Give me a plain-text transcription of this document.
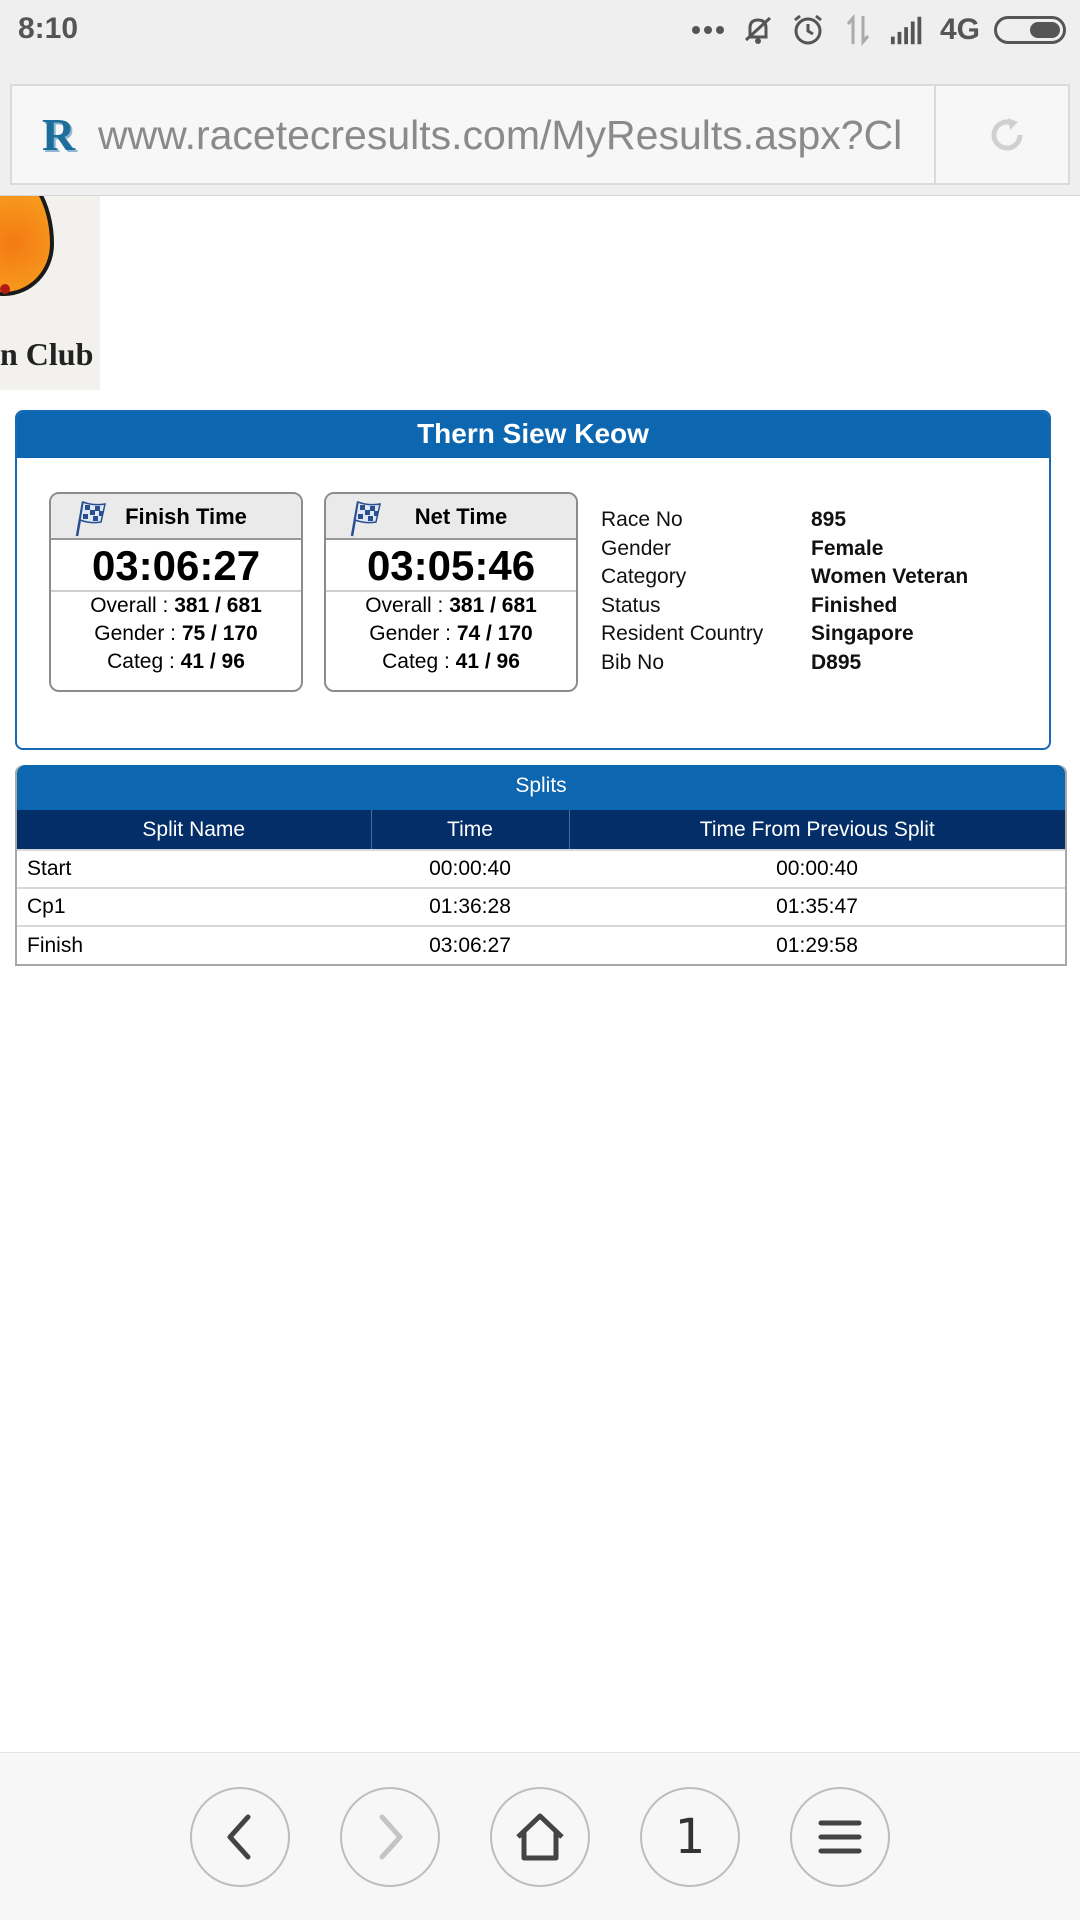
8:10	4G
R www.racetecresults.com/MyResults.aspx?Cl
n Club
Thern Siew Keow
Finish Time
03:06:27
Overall : 381 / 681
Gender : 75 / 170
Categ : 41 / 96
Net Time
03:05:46
Overall : 381 / 681
Gender : 74 / 170
Categ : 41 / 96
Race No	895
Gender	Female
Category	Women Veteran
Status	Finished
Resident Country	Singapore
Bib No	D895
Splits
Split Name	Time	Time From Previous Split
Start	00:00:40	00:00:40
Cp1	01:36:28	01:35:47
Finish	03:06:27	01:29:58
1
